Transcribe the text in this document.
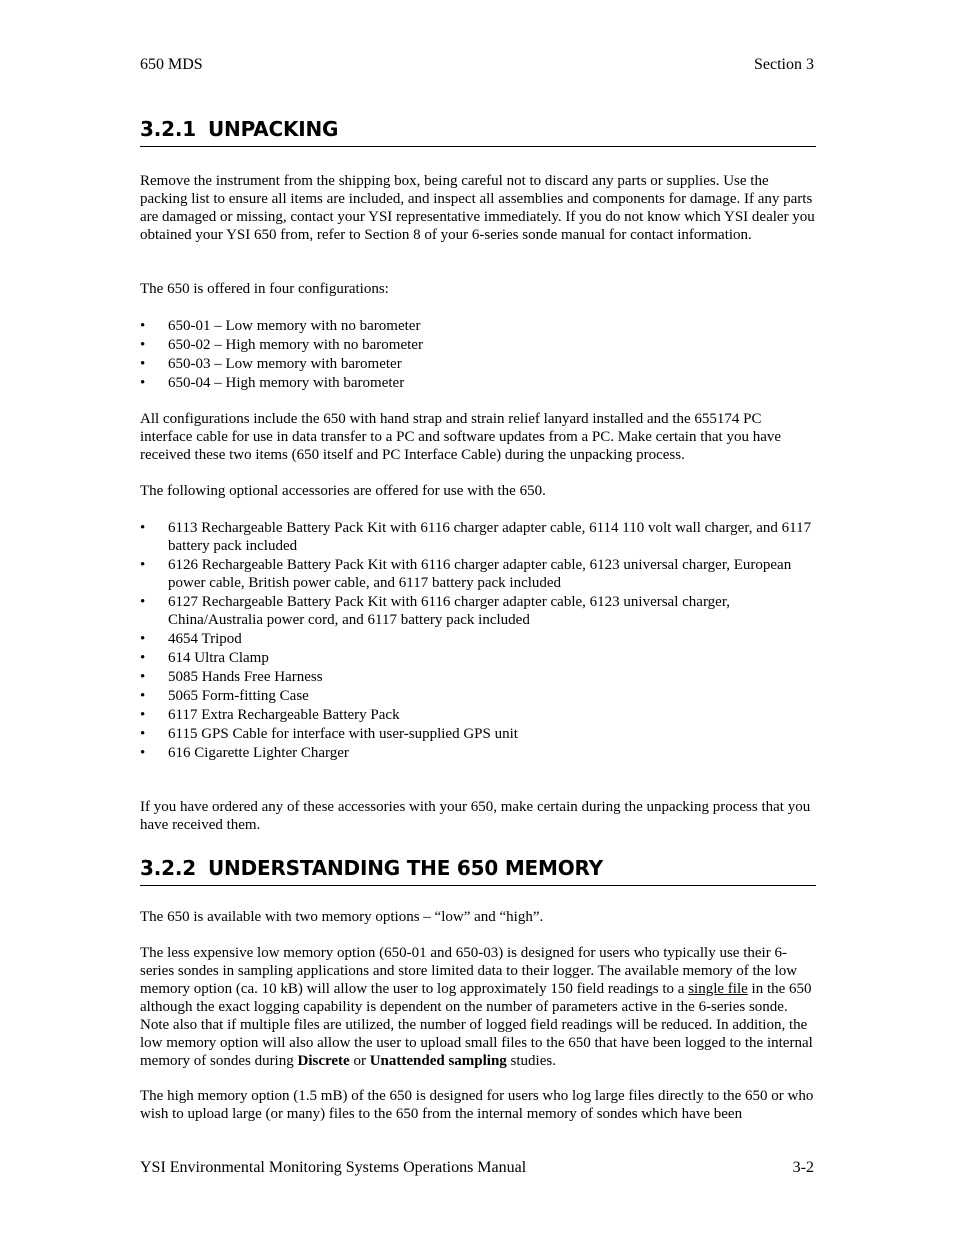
650 MDS	Section 3
3.2.1 UNPACKING

Remove the instrument from the shipping box, being careful not to discard any parts or supplies. Use the packing list to ensure all items are included, and inspect all assemblies and components for damage. If any parts are damaged or missing, contact your YSI representative immediately. If you do not know which YSI dealer you obtained your YSI 650 from, refer to Section 8 of your 6-series sonde manual for contact information.

The 650 is offered in four configurations:

• 650-01 – Low memory with no barometer
• 650-02 – High memory with no barometer
• 650-03 – Low memory with barometer
• 650-04 – High memory with barometer

All configurations include the 650 with hand strap and strain relief lanyard installed and the 655174 PC interface cable for use in data transfer to a PC and software updates from a PC. Make certain that you have received these two items (650 itself and PC Interface Cable) during the unpacking process.

The following optional accessories are offered for use with the 650.

• 6113 Rechargeable Battery Pack Kit with 6116 charger adapter cable, 6114 110 volt wall charger, and 6117 battery pack included
• 6126 Rechargeable Battery Pack Kit with 6116 charger adapter cable, 6123 universal charger, European power cable, British power cable, and 6117 battery pack included
• 6127 Rechargeable Battery Pack Kit with 6116 charger adapter cable, 6123 universal charger, China/Australia power cord, and 6117 battery pack included
• 4654 Tripod
• 614 Ultra Clamp
• 5085 Hands Free Harness
• 5065 Form-fitting Case
• 6117 Extra Rechargeable Battery Pack
• 6115 GPS Cable for interface with user-supplied GPS unit
• 616 Cigarette Lighter Charger

If you have ordered any of these accessories with your 650, make certain during the unpacking process that you have received them.

3.2.2 UNDERSTANDING THE 650 MEMORY

The 650 is available with two memory options – “low” and “high”.

The less expensive low memory option (650-01 and 650-03) is designed for users who typically use their 6-series sondes in sampling applications and store limited data to their logger. The available memory of the low memory option (ca. 10 kB) will allow the user to log approximately 150 field readings to a single file in the 650 although the exact logging capability is dependent on the number of parameters active in the 6-series sonde. Note also that if multiple files are utilized, the number of logged field readings will be reduced. In addition, the low memory option will also allow the user to upload small files to the 650 that have been logged to the internal memory of sondes during Discrete or Unattended sampling studies.

The high memory option (1.5 mB) of the 650 is designed for users who log large files directly to the 650 or who wish to upload large (or many) files to the 650 from the internal memory of sondes which have been

YSI Environmental Monitoring Systems Operations Manual	3-2
